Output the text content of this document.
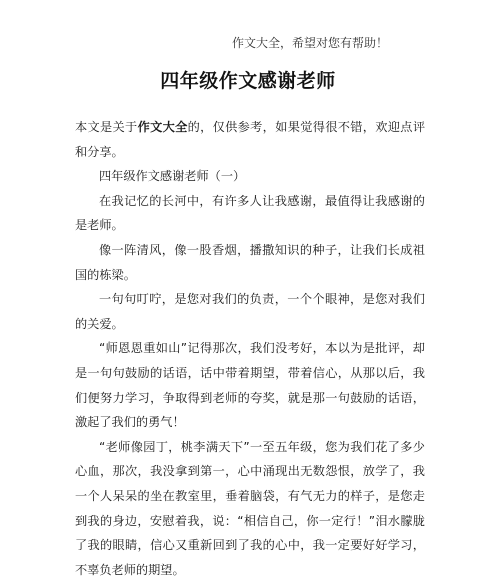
作文大全，希望对您有帮助！
四年级作文感谢老师

本文是关于作文大全的，仅供参考，如果觉得很不错，欢迎点评和分享。

四年级作文感谢老师（一）

在我记忆的长河中，有许多人让我感谢，最值得让我感谢的是老师。

像一阵清风，像一股香烟，播撒知识的种子，让我们长成祖国的栋梁。

一句句叮咛，是您对我们的负责，一个个眼神，是您对我们的关爱。

“师恩恩重如山”记得那次，我们没考好，本以为是批评，却是一句句鼓励的话语，话中带着期望，带着信心，从那以后，我们便努力学习，争取得到老师的夸奖，就是那一句鼓励的话语，激起了我们的勇气！

“老师像园丁，桃李满天下”一至五年级，您为我们花了多少心血，那次，我没拿到第一，心中涌现出无数怨恨，放学了，我一个人呆呆的坐在教室里，垂着脑袋，有气无力的样子，是您走到我的身边，安慰着我，说：“相信自己，你一定行！”泪水朦胧了我的眼睛，信心又重新回到了我的心中，我一定要好好学习，不辜负老师的期望。
